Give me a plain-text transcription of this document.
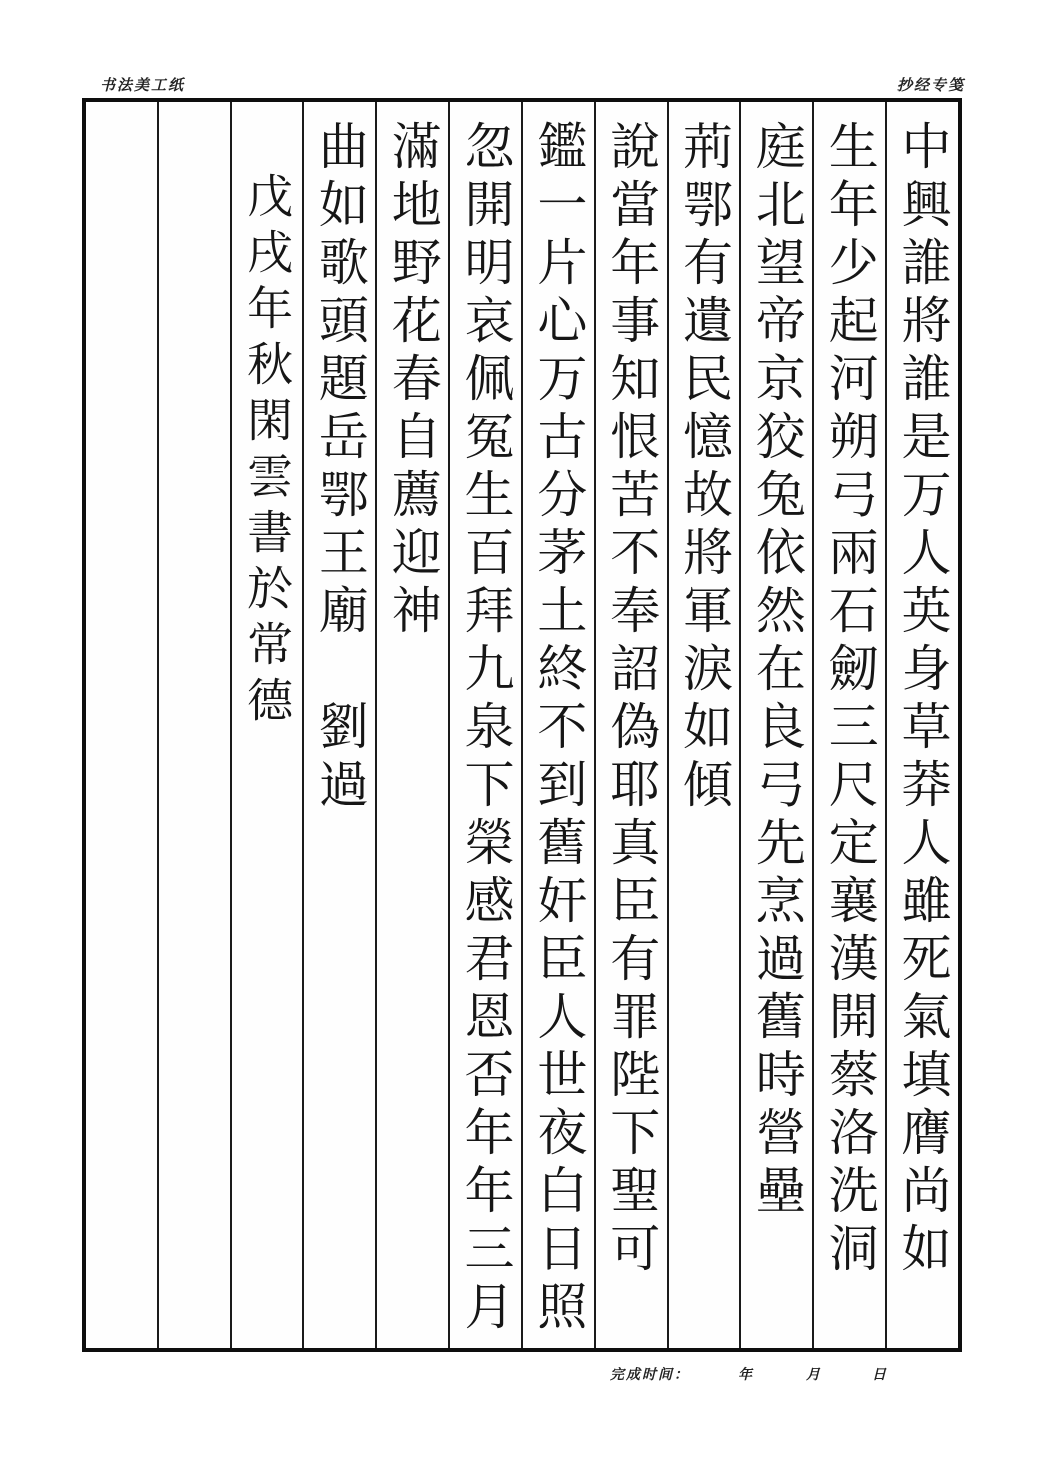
书法美工纸	抄经专笺
戊戌年秋閑雲書於常德 曲如歌頭題岳鄂王廟　劉過 滿地野花春自薦迎神 忽開明哀佩冤生百拜九泉下榮感君恩否年年三月 鑑一片心万古分茅土終不到舊奸臣人世夜白日照 說當年事知恨苦不奉詔偽耶真臣有罪陛下聖可 荊鄂有遺民憶故將軍淚如傾 庭北望帝京狡兔依然在良弓先烹過舊時營壘 生年少起河朔弓兩石劒三尺定襄漢開蔡洛洗洞 中興誰將誰是万人英身草莽人雖死氣填膺尚如
完成时间：	年	月	日
